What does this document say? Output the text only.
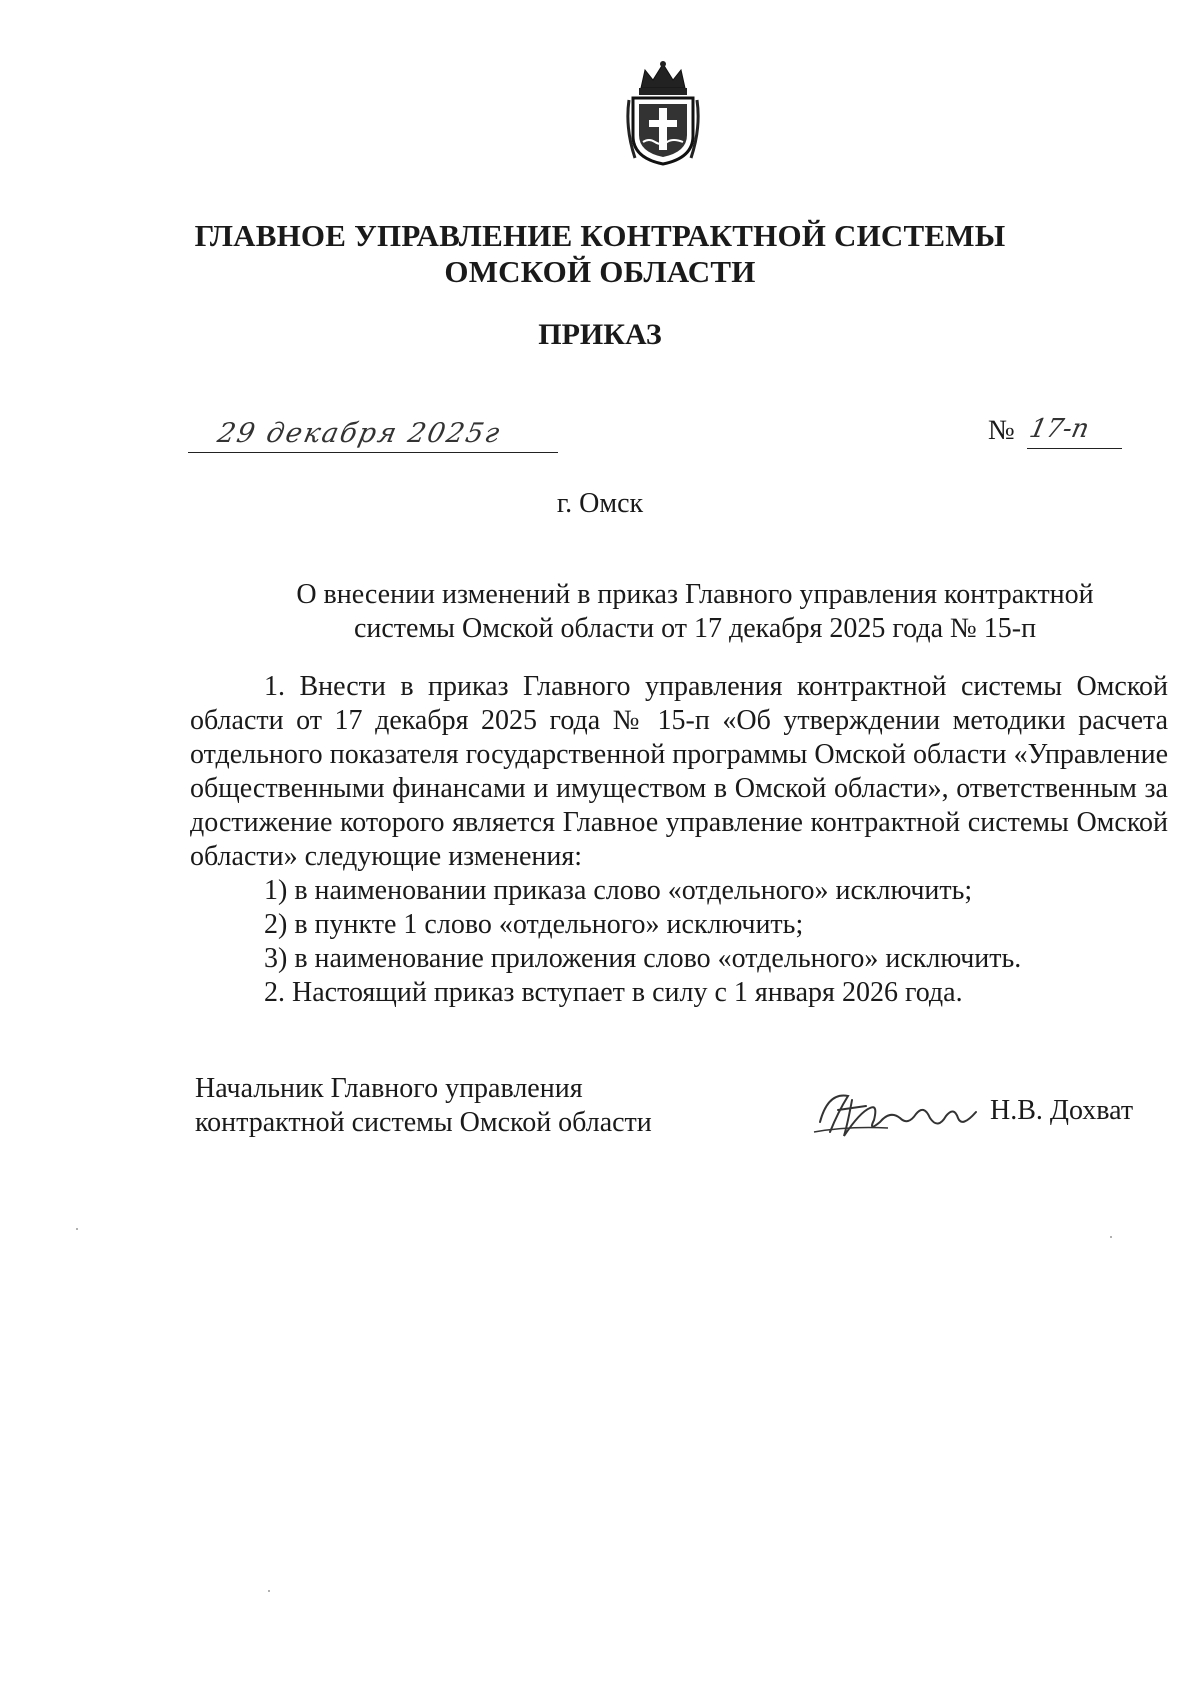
ГЛАВНОЕ УПРАВЛЕНИЕ КОНТРАКТНОЙ СИСТЕМЫ
ОМСКОЙ ОБЛАСТИ
ПРИКАЗ
29 декабря 2025г	№ 17-п
г. Омск
О внесении изменений в приказ Главного управления контрактной
системы Омской области от 17 декабря 2025 года № 15-п

1. Внести в приказ Главного управления контрактной системы Омской области от 17 декабря 2025 года № 15-п «Об утверждении методики расчета отдельного показателя государственной программы Омской области «Управление общественными финансами и имуществом в Омской области», ответственным за достижение которого является Главное управление контрактной системы Омской области» следующие изменения:

1) в наименовании приказа слово «отдельного» исключить;

2) в пункте 1 слово «отдельного» исключить;

3) в наименование приложения слово «отдельного» исключить.

2. Настоящий приказ вступает в силу с 1 января 2026 года.

Начальник Главного управления
контрактной системы Омской области	Н.В. Дохват
